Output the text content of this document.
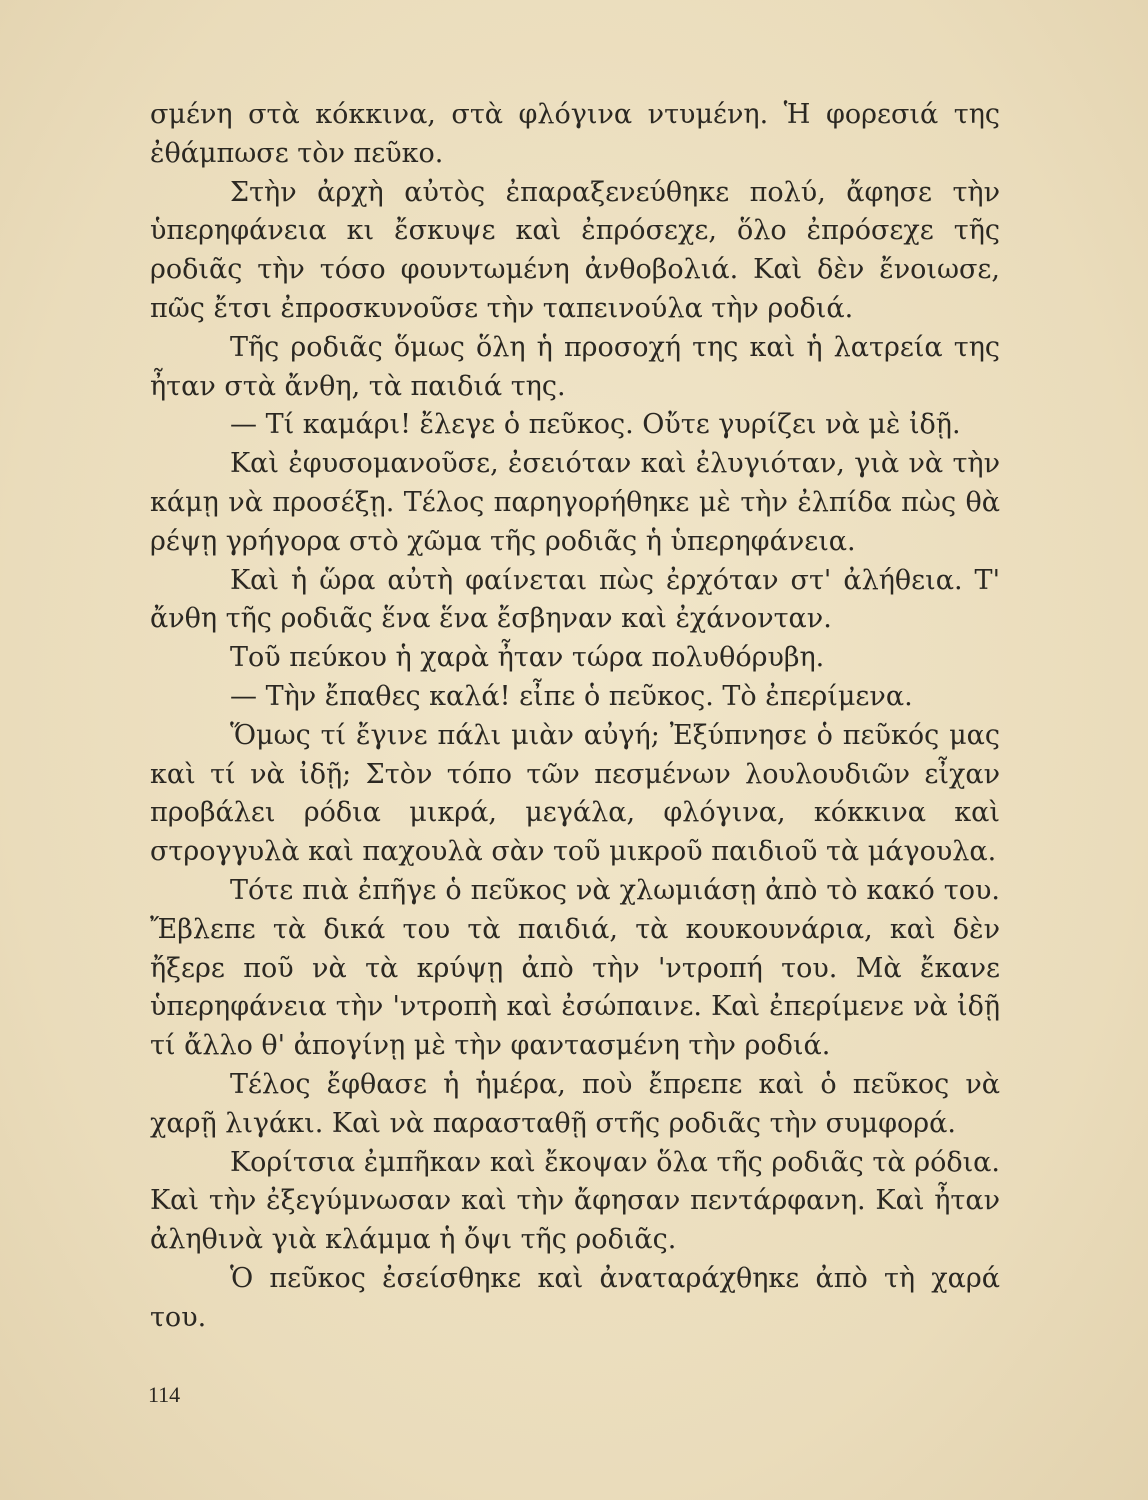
σμένη στὰ κόκκινα, στὰ φλόγινα ντυμένη. Ἡ φορεσιά της ἐθάμπωσε τὸν πεῦκο.

Στὴν ἀρχὴ αὐτὸς ἐπαραξενεύθηκε πολύ, ἄφησε τὴν ὑπερηφάνεια κι ἔσκυψε καὶ ἐπρόσεχε, ὅλο ἐπρόσεχε τῆς ροδιᾶς τὴν τόσο φουντωμένη ἀνθοβολιά. Καὶ δὲν ἔνοιωσε, πῶς ἔτσι ἐπροσκυνοῦσε τὴν ταπεινούλα τὴν ροδιά.

Τῆς ροδιᾶς ὅμως ὅλη ἡ προσοχή της καὶ ἡ λατρεία της ἦταν στὰ ἄνθη, τὰ παιδιά της.

— Τί καμάρι! ἔλεγε ὁ πεῦκος. Οὔτε γυρίζει νὰ μὲ ἰδῇ.

Καὶ ἐφυσομανοῦσε, ἐσειόταν καὶ ἐλυγιόταν, γιὰ νὰ τὴν κάμῃ νὰ προσέξῃ. Τέλος παρηγορήθηκε μὲ τὴν ἐλπίδα πὼς θὰ ρέψῃ γρήγορα στὸ χῶμα τῆς ροδιᾶς ἡ ὑπερηφάνεια.

Καὶ ἡ ὥρα αὐτὴ φαίνεται πὼς ἐρχόταν στ' ἀλήθεια. Τ' ἄνθη τῆς ροδιᾶς ἕνα ἕνα ἔσβηναν καὶ ἐχάνονταν.

Τοῦ πεύκου ἡ χαρὰ ἦταν τώρα πολυθόρυβη.

— Τὴν ἔπαθες καλά! εἶπε ὁ πεῦκος. Τὸ ἐπερίμενα.

Ὅμως τί ἔγινε πάλι μιὰν αὐγή; Ἐξύπνησε ὁ πεῦκός μας καὶ τί νὰ ἰδῇ; Στὸν τόπο τῶν πεσμένων λουλουδιῶν εἶχαν προβάλει ρόδια μικρά, μεγάλα, φλόγινα, κόκκινα καὶ στρογγυλὰ καὶ παχουλὰ σὰν τοῦ μικροῦ παιδιοῦ τὰ μάγουλα.

Τότε πιὰ ἐπῆγε ὁ πεῦκος νὰ χλωμιάσῃ ἀπὸ τὸ κακό του. Ἔβλεπε τὰ δικά του τὰ παιδιά, τὰ κουκουνάρια, καὶ δὲν ἤξερε ποῦ νὰ τὰ κρύψῃ ἀπὸ τὴν 'ντροπή του. Μὰ ἔκανε ὑπερηφάνεια τὴν 'ντροπὴ καὶ ἐσώπαινε. Καὶ ἐπερίμενε νὰ ἰδῇ τί ἄλλο θ' ἀπογίνῃ μὲ τὴν φαντασμένη τὴν ροδιά.

Τέλος ἔφθασε ἡ ἡμέρα, ποὺ ἔπρεπε καὶ ὁ πεῦκος νὰ χαρῇ λιγάκι. Καὶ νὰ παρασταθῇ στῆς ροδιᾶς τὴν συμφορά.

Κορίτσια ἐμπῆκαν καὶ ἔκοψαν ὅλα τῆς ροδιᾶς τὰ ρόδια. Καὶ τὴν ἐξεγύμνωσαν καὶ τὴν ἄφησαν πεντάρφανη. Καὶ ἦταν ἀληθινὰ γιὰ κλάμμα ἡ ὄψι τῆς ροδιᾶς.

Ὁ πεῦκος ἐσείσθηκε καὶ ἀναταράχθηκε ἀπὸ τὴ χαρά του.

114
